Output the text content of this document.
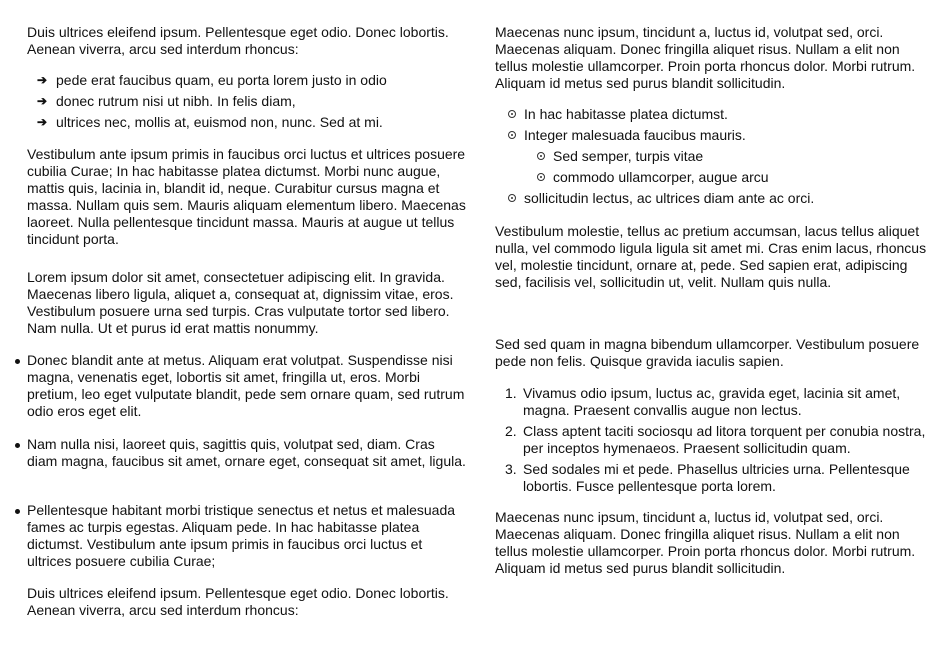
Duis ultrices eleifend ipsum. Pellentesque eget odio. Donec lobortis. Aenean viverra, arcu sed interdum rhoncus:

➔ pede erat faucibus quam, eu porta lorem justo in odio
➔ donec rutrum nisi ut nibh. In felis diam,
➔ ultrices nec, mollis at, euismod non, nunc. Sed at mi.

Vestibulum ante ipsum primis in faucibus orci luctus et ultrices posuere cubilia Curae; In hac habitasse platea dictumst. Morbi nunc augue, mattis quis, lacinia in, blandit id, neque. Curabitur cursus magna et massa. Nullam quis sem. Mauris aliquam elementum libero. Maecenas laoreet. Nulla pellentesque tincidunt massa. Mauris at augue ut tellus tincidunt porta.

Lorem ipsum dolor sit amet, consectetuer adipiscing elit. In gravida. Maecenas libero ligula, aliquet a, consequat at, dignissim vitae, eros. Vestibulum posuere urna sed turpis. Cras vulputate tortor sed libero. Nam nulla. Ut et purus id erat mattis nonummy.

Donec blandit ante at metus. Aliquam erat volutpat. Suspendisse nisi magna, venenatis eget, lobortis sit amet, fringilla ut, eros. Morbi pretium, leo eget vulputate blandit, pede sem ornare quam, sed rutrum odio eros eget elit.
Nam nulla nisi, laoreet quis, sagittis quis, volutpat sed, diam. Cras diam magna, faucibus sit amet, ornare eget, consequat sit amet, ligula.
Pellentesque habitant morbi tristique senectus et netus et malesuada fames ac turpis egestas. Aliquam pede. In hac habitasse platea dictumst. Vestibulum ante ipsum primis in faucibus orci luctus et ultrices posuere cubilia Curae;

Duis ultrices eleifend ipsum. Pellentesque eget odio. Donec lobortis. Aenean viverra, arcu sed interdum rhoncus:

Maecenas nunc ipsum, tincidunt a, luctus id, volutpat sed, orci. Maecenas aliquam. Donec fringilla aliquet risus. Nullam a elit non tellus molestie ullamcorper. Proin porta rhoncus dolor. Morbi rutrum. Aliquam id metus sed purus blandit sollicitudin.

In hac habitasse platea dictumst.
Integer malesuada faucibus mauris.
Sed semper, turpis vitae
commodo ullamcorper, augue arcu
sollicitudin lectus, ac ultrices diam ante ac orci.

Vestibulum molestie, tellus ac pretium accumsan, lacus tellus aliquet nulla, vel commodo ligula ligula sit amet mi. Cras enim lacus, rhoncus vel, molestie tincidunt, ornare at, pede. Sed sapien erat, adipiscing sed, facilisis vel, sollicitudin ut, velit. Nullam quis nulla.

Sed sed quam in magna bibendum ullamcorper. Vestibulum posuere pede non felis. Quisque gravida iaculis sapien.

1. Vivamus odio ipsum, luctus ac, gravida eget, lacinia sit amet, magna. Praesent convallis augue non lectus.
2. Class aptent taciti sociosqu ad litora torquent per conubia nostra, per inceptos hymenaeos. Praesent sollicitudin quam.
3. Sed sodales mi et pede. Phasellus ultricies urna. Pellentesque lobortis. Fusce pellentesque porta lorem.

Maecenas nunc ipsum, tincidunt a, luctus id, volutpat sed, orci. Maecenas aliquam. Donec fringilla aliquet risus. Nullam a elit non tellus molestie ullamcorper. Proin porta rhoncus dolor. Morbi rutrum. Aliquam id metus sed purus blandit sollicitudin.
